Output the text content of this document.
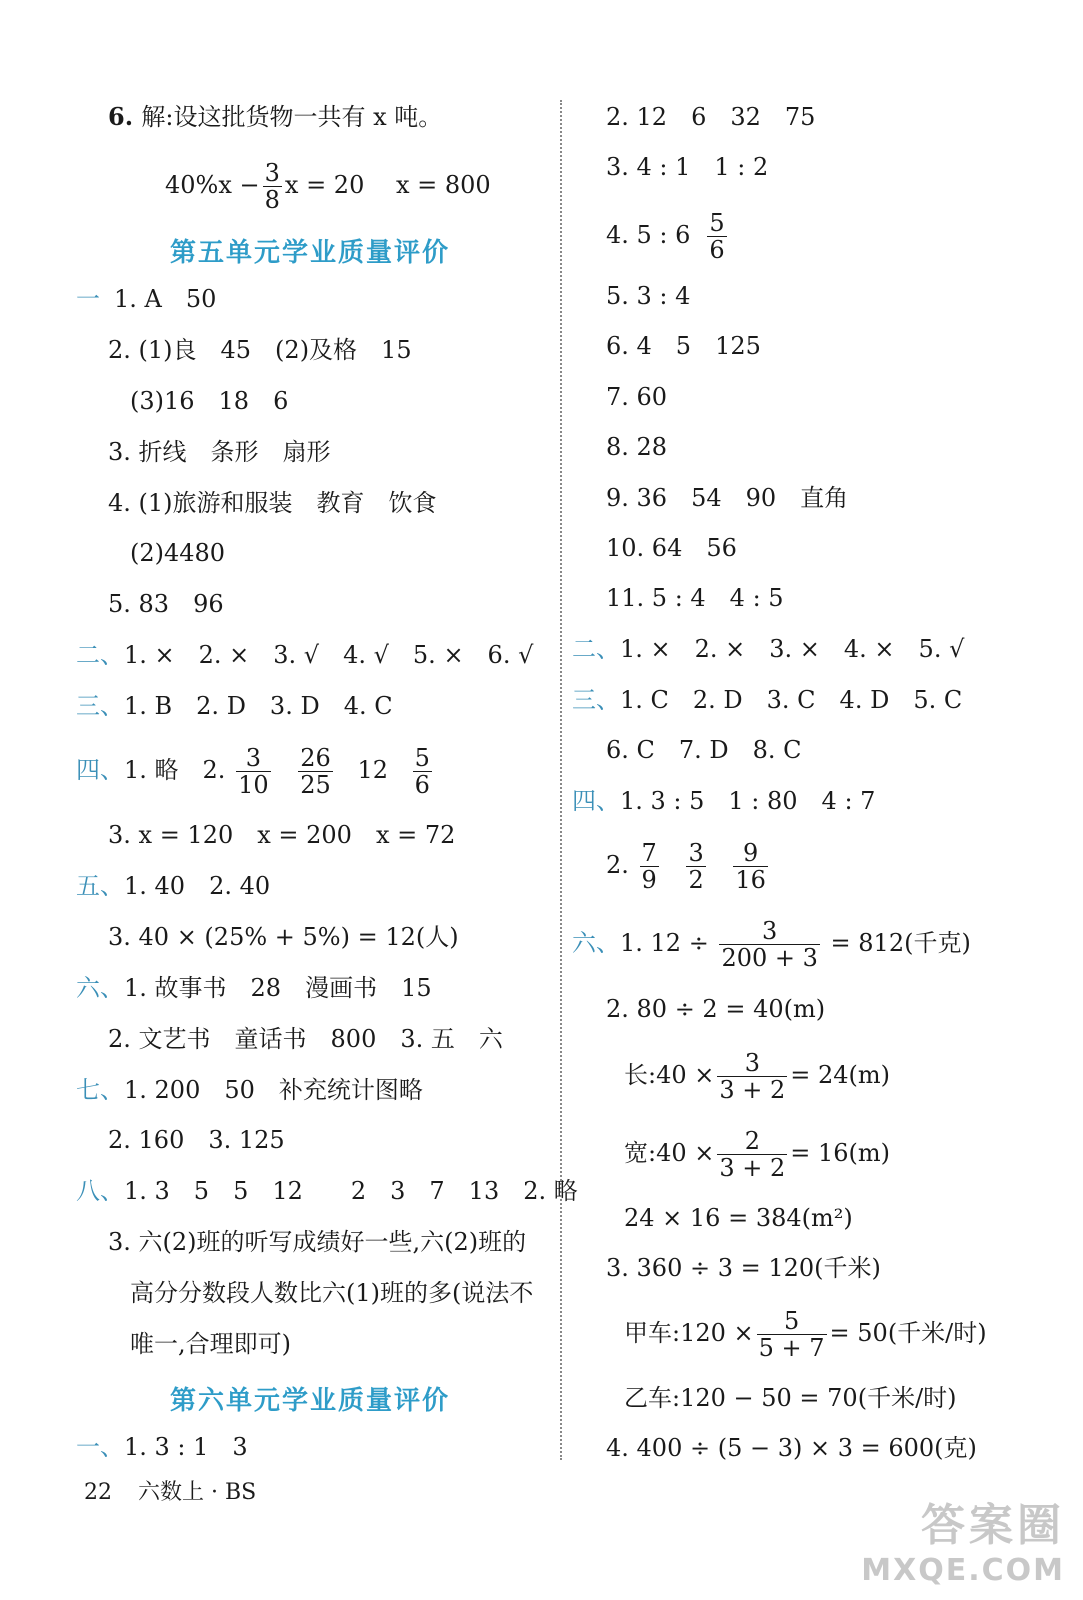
6. 解:设这批货物一共有 x 吨。
$40\%x - \frac{3}{8}$ x = 20　 x = 800
第五单元学业质量评价
一 1. A　50
2. (1)良　45　(2)及格　15
(3)16　18　6
3. 折线　条形　扇形
4. (1)旅游和服装　教育　饮食
(2)4480
5. 83　96
二、1. ×　2. ×　3. √　4. √　5. ×　6. √
三、1. B　2. D　3. D　4. C
四、1. 略　2. $\frac{3}{10}$
$\frac{26}{25} 12 \frac{5}{6}$
3. x = 120　x = 200　x = 72
五、1. 40　2. 40
3. 40 × (25% + 5%) = 12(人)
六、1. 故事书　28　漫画书　15
2. 文艺书　童话书　800　3. 五　六
七、1. 200　50　补充统计图略
2. 160　3. 125
八、1. 3　5　5　12　　2　3　7　13　2. 略
3. 六(2)班的听写成绩好一些,六(2)班的
高分分数段人数比六(1)班的多(说法不
唯一,合理即可)
第六单元学业质量评价
一、1. 3 : 1　3
22 六数上 · BS
2. 12　6　32　75
3. 4 : 1　1 : 2
4. 5 : $6 \frac{5}{6}$
5. 3 : 4
6. 4　5　125
7. 60
8. 28
9. 36　54　90　直角
10. 64　56
11. 5 : 4　4 : 5
二、1. ×　2. ×　3. ×　4. ×　5. √
三、1. C　2. D　3. C　4. D　5. C
6. C　7. D　8. C
四、1. 3 : 5　1 : 80　4 : 7
2. $\frac{7}{9}$
$\frac{3}{2}$
$\frac{9}{16}$
六、1. $12 \div \frac{3}{200 + 3} = 812$(千克)
2. 80 ÷ 2 = 40(m)
长:40 × $\frac{3}{3 + 2} = 24(m)$
宽:40 × $\frac{2}{3 + 2} = 16(m)$
24 × 16 = 384(m²)
3. 360 ÷ 3 = 120(千米)
甲车:120 × $\frac{5}{5 + 7} = 50$(千米/时)
乙车:120 − 50 = 70(千米/时)
4. 400 ÷ (5 − 3) × 3 = 600(克)
答案圈
MXQE.COM
